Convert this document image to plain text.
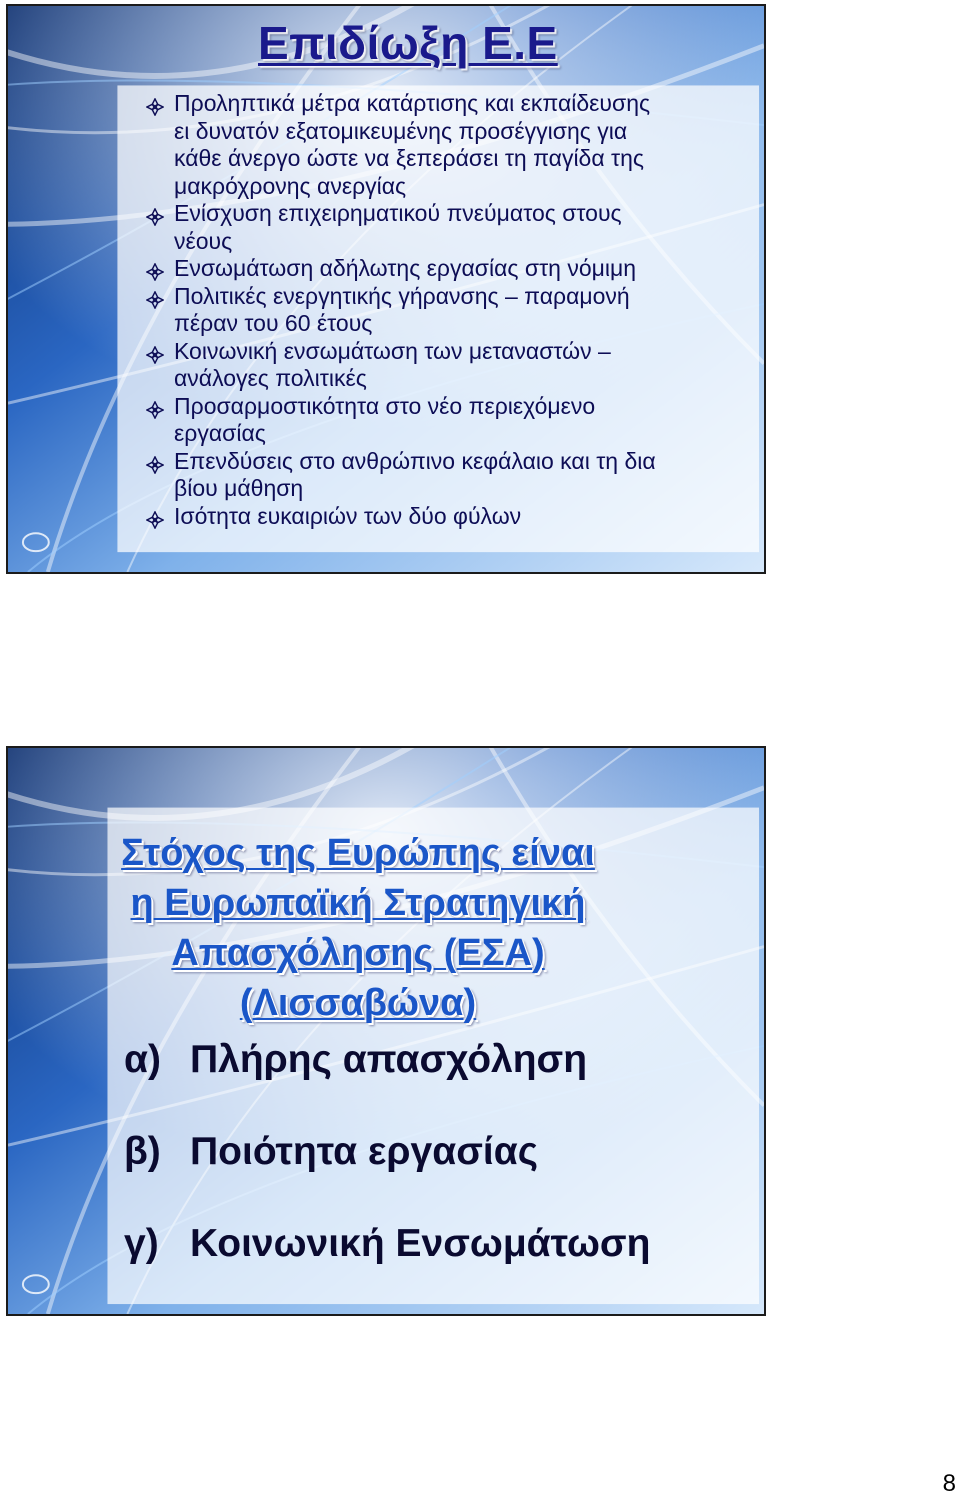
Επιδίωξη Ε.Ε
Προληπτικά μέτρα κατάρτισης και εκπαίδευσης
ει δυνατόν εξατομικευμένης προσέγγισης για
κάθε άνεργο ώστε να ξεπεράσει τη παγίδα της
μακρόχρονης ανεργίας
Ενίσχυση επιχειρηματικού πνεύματος στους
νέους
Ενσωμάτωση αδήλωτης εργασίας στη νόμιμη
Πολιτικές ενεργητικής γήρανσης – παραμονή
πέραν του 60 έτους
Κοινωνική ενσωμάτωση των μεταναστών –
ανάλογες πολιτικές
Προσαρμοστικότητα στο νέο περιεχόμενο
εργασίας
Επενδύσεις στο ανθρώπινο κεφάλαιο και τη δια
βίου μάθηση
Ισότητα ευκαιριών των δύο φύλων
Στόχος της Ευρώπης είναι
η Ευρωπαϊκή Στρατηγική
Απασχόλησης (ΕΣΑ)
(Λισσαβώνα)
α) Πλήρης απασχόληση
β) Ποιότητα εργασίας
γ) Κοινωνική Ενσωμάτωση
8
